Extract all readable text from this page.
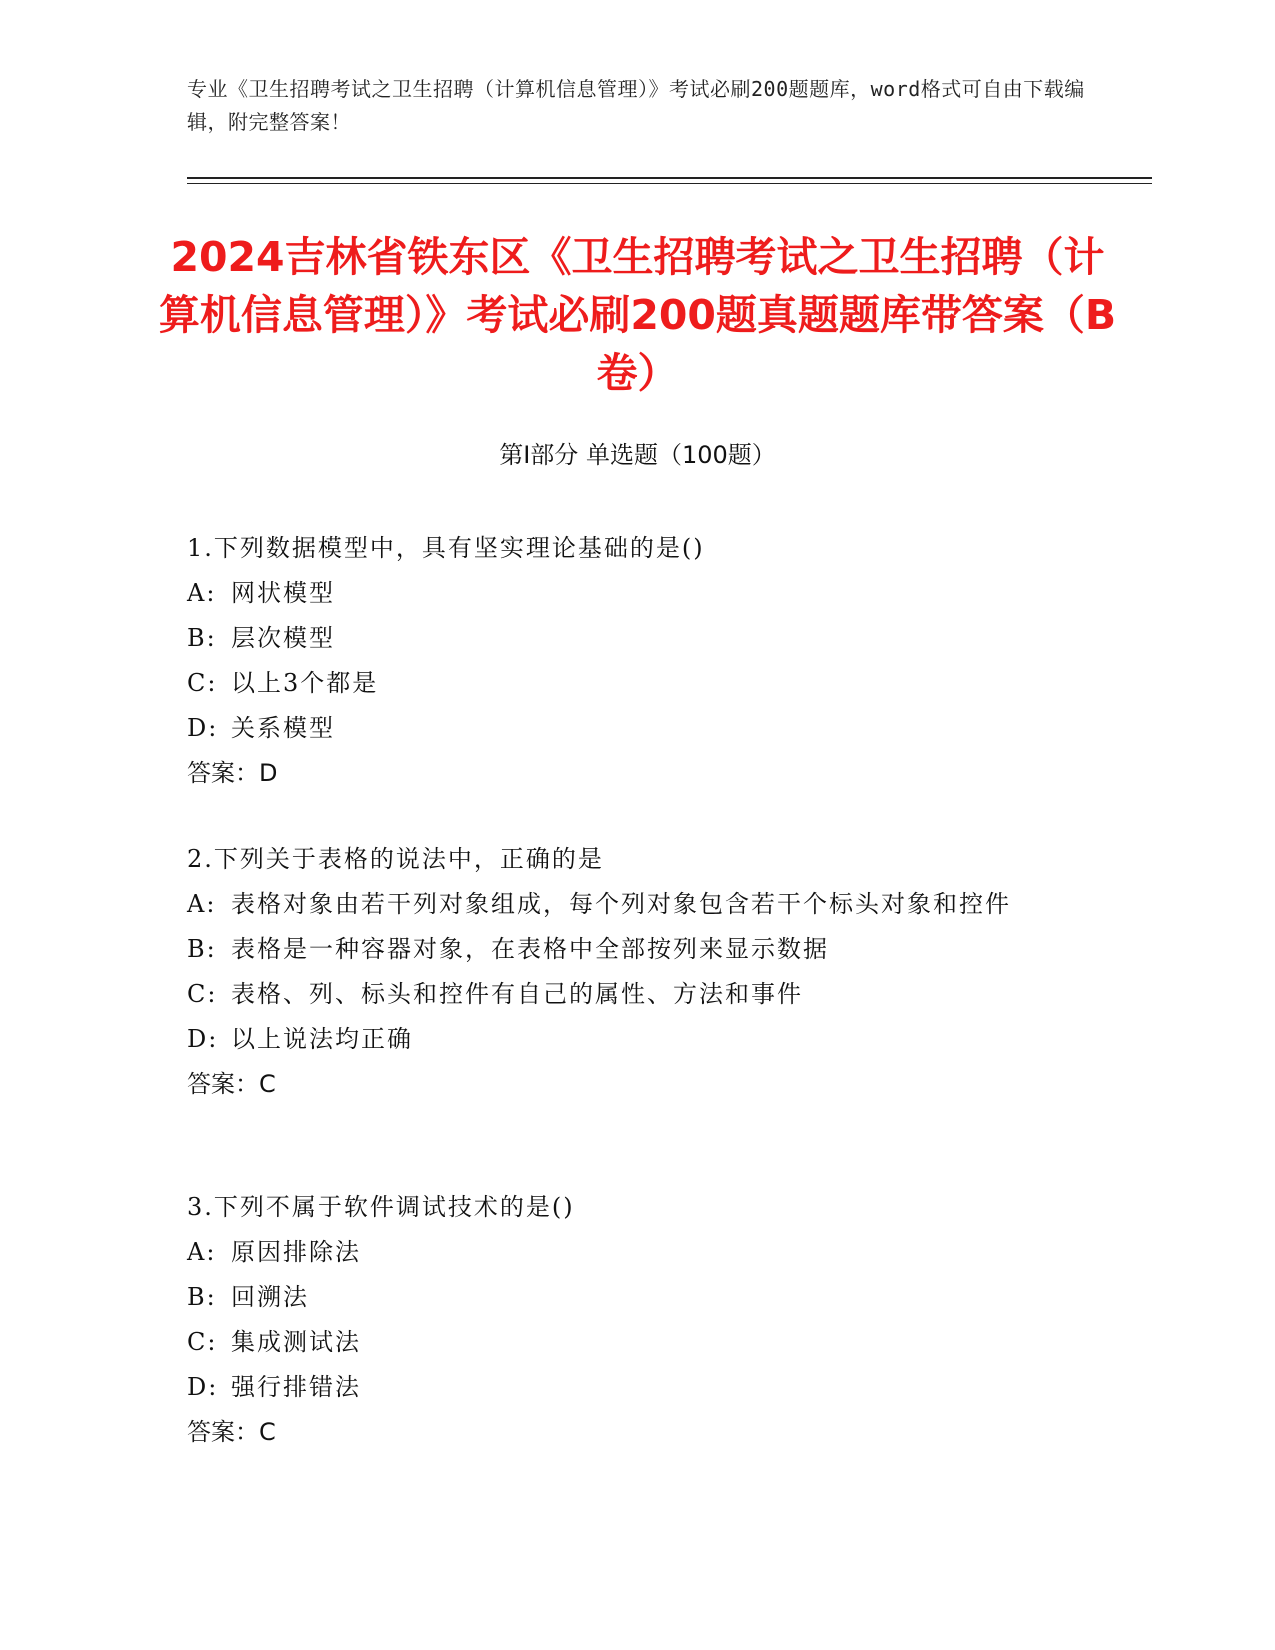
专业《卫生招聘考试之卫生招聘（计算机信息管理）》考试必刷200题题库，word格式可自由下载编辑，附完整答案！
2024吉林省铁东区《卫生招聘考试之卫生招聘（计算机信息管理）》考试必刷200题真题题库带答案（B卷）
第Ⅰ部分 单选题（100题）
1.下列数据模型中，具有坚实理论基础的是()
A: 网状模型
B: 层次模型
C: 以上3个都是
D: 关系模型
答案：D
2.下列关于表格的说法中，正确的是
A: 表格对象由若干列对象组成，每个列对象包含若干个标头对象和控件
B: 表格是一种容器对象，在表格中全部按列来显示数据
C: 表格、列、标头和控件有自己的属性、方法和事件
D: 以上说法均正确
答案：C
3.下列不属于软件调试技术的是()
A: 原因排除法
B: 回溯法
C: 集成测试法
D: 强行排错法
答案：C
